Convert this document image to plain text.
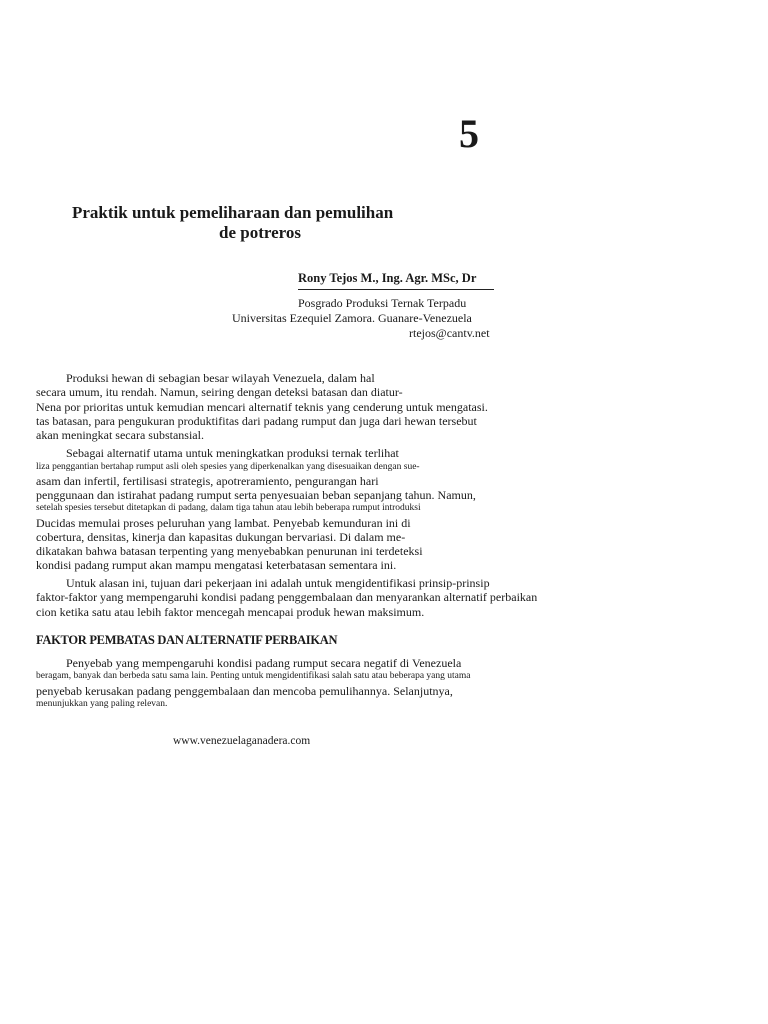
5
Praktik untuk pemeliharaan dan pemulihan
de potreros
Rony Tejos M., Ing. Agr. MSc, Dr
Posgrado Produksi Ternak Terpadu
Universitas Ezequiel Zamora. Guanare-Venezuela
rtejos@cantv.net
Produksi hewan di sebagian besar wilayah Venezuela, dalam hal
secara umum, itu rendah. Namun, seiring dengan deteksi batasan dan diatur-
Nena por prioritas untuk kemudian mencari alternatif teknis yang cenderung untuk mengatasi.
tas batasan, para pengukuran produktifitas dari padang rumput dan juga dari hewan tersebut
akan meningkat secara substansial.
Sebagai alternatif utama untuk meningkatkan produksi ternak terlihat
liza penggantian bertahap rumput asli oleh spesies yang diperkenalkan yang disesuaikan dengan sue-
asam dan infertil, fertilisasi strategis, apotreramiento, pengurangan hari
penggunaan dan istirahat padang rumput serta penyesuaian beban sepanjang tahun. Namun,
setelah spesies tersebut ditetapkan di padang, dalam tiga tahun atau lebih beberapa rumput introduksi
Ducidas memulai proses peluruhan yang lambat. Penyebab kemunduran ini di
cobertura, densitas, kinerja dan kapasitas dukungan bervariasi. Di dalam me-
dikatakan bahwa batasan terpenting yang menyebabkan penurunan ini terdeteksi
kondisi padang rumput akan mampu mengatasi keterbatasan sementara ini.
Untuk alasan ini, tujuan dari pekerjaan ini adalah untuk mengidentifikasi prinsip-prinsip
faktor-faktor yang mempengaruhi kondisi padang penggembalaan dan menyarankan alternatif perbaikan
cion ketika satu atau lebih faktor mencegah mencapai produk hewan maksimum.
FAKTOR PEMBATAS DAN ALTERNATIF PERBAIKAN
Penyebab yang mempengaruhi kondisi padang rumput secara negatif di Venezuela
beragam, banyak dan berbeda satu sama lain. Penting untuk mengidentifikasi salah satu atau beberapa yang utama
penyebab kerusakan padang penggembalaan dan mencoba pemulihannya. Selanjutnya,
menunjukkan yang paling relevan.
www.venezuelaganadera.com
